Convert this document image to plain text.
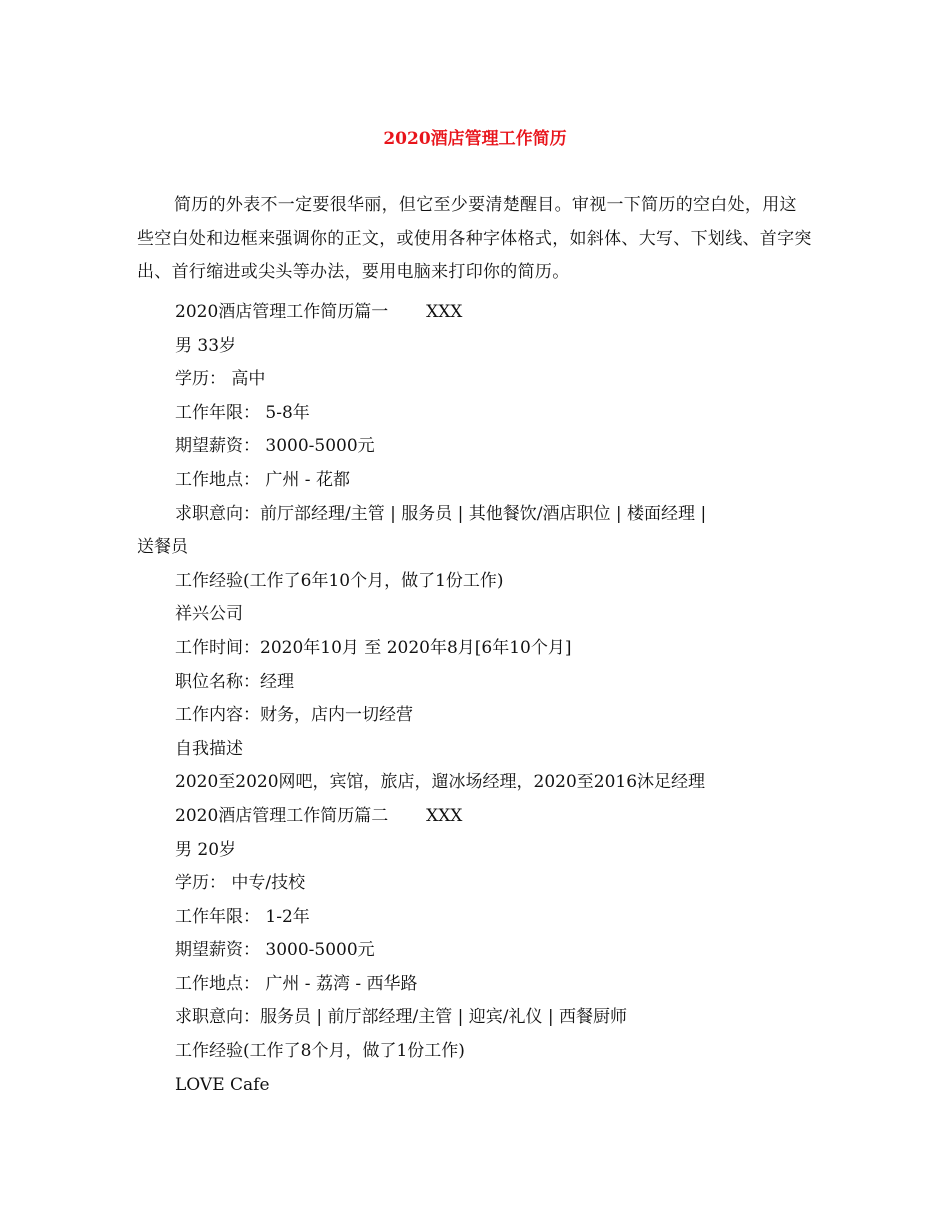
2020酒店管理工作简历
简历的外表不一定要很华丽，但它至少要清楚醒目。审视一下简历的空白处，用这些空白处和边框来强调你的正文，或使用各种字体格式，如斜体、大写、下划线、首字突出、首行缩进或尖头等办法，要用电脑来打印你的简历。
2020酒店管理工作简历篇一       XXX
男 33岁
学历： 高中
工作年限： 5-8年
期望薪资： 3000-5000元
工作地点： 广州 - 花都
求职意向：前厅部经理/主管 | 服务员 | 其他餐饮/酒店职位 | 楼面经理 |
送餐员
工作经验(工作了6年10个月，做了1份工作)
祥兴公司
工作时间：2020年10月 至 2020年8月[6年10个月]
职位名称：经理
工作内容：财务，店内一切经营
自我描述
2020至2020网吧，宾馆，旅店，遛冰场经理，2020至2016沐足经理
2020酒店管理工作简历篇二       XXX
男 20岁
学历： 中专/技校
工作年限： 1-2年
期望薪资： 3000-5000元
工作地点： 广州 - 荔湾 - 西华路
求职意向：服务员 | 前厅部经理/主管 | 迎宾/礼仪 | 西餐厨师
工作经验(工作了8个月，做了1份工作)
LOVE Cafe
